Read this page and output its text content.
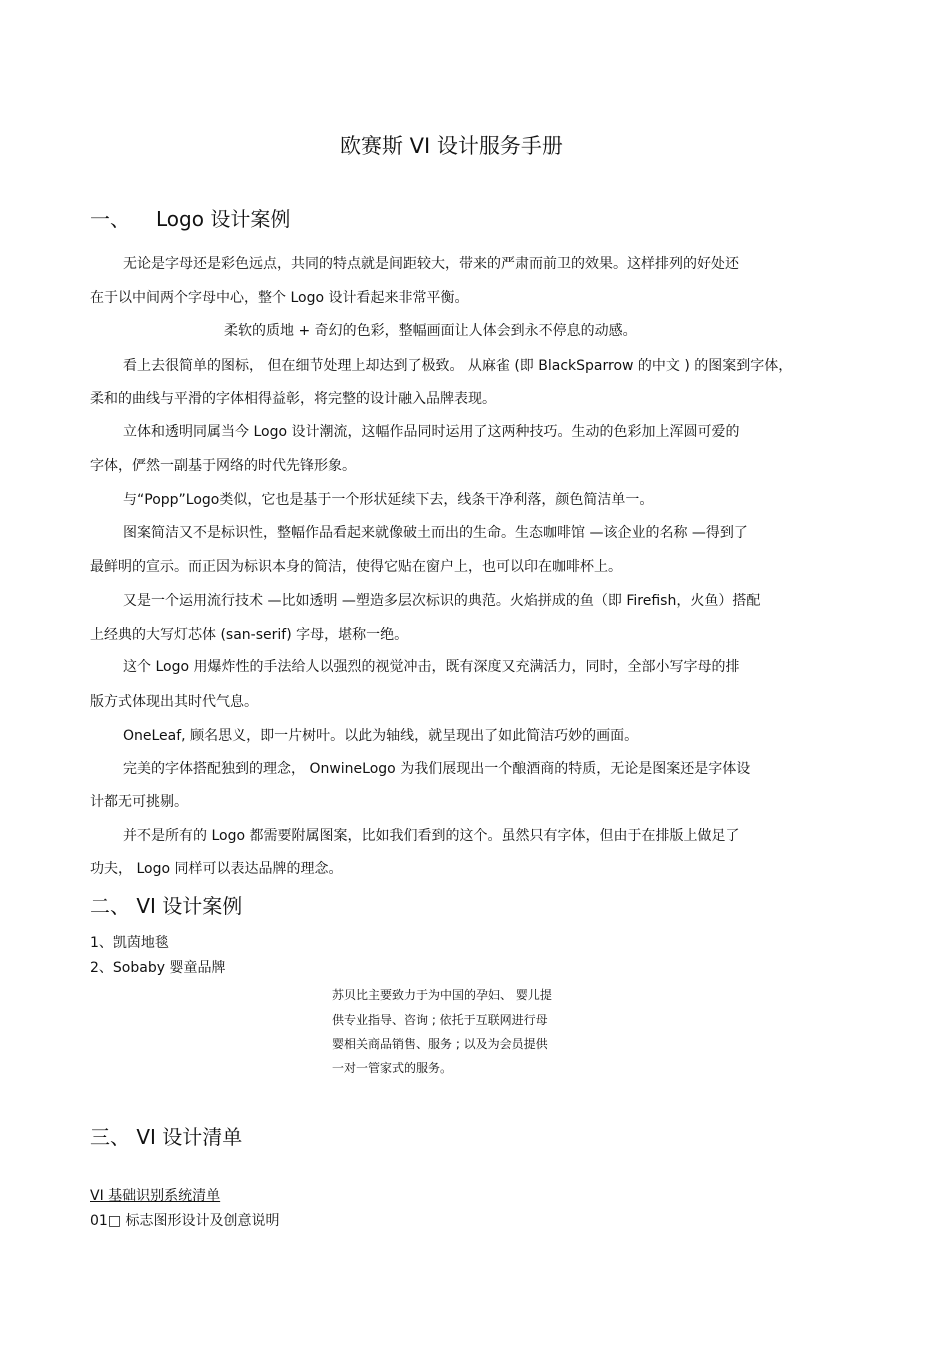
欧赛斯 VI 设计服务手册
一、 Logo 设计案例
无论是字母还是彩色远点，共同的特点就是间距较大，带来的严肃而前卫的效果。这样排列的好处还
在于以中间两个字母中心，整个 Logo 设计看起来非常平衡。
柔软的质地 + 奇幻的色彩，整幅画面让人体会到永不停息的动感。
看上去很简单的图标， 但在细节处理上却达到了极致。 从麻雀 (即 BlackSparrow 的中文 ) 的图案到字体，
柔和的曲线与平滑的字体相得益彰，将完整的设计融入品牌表现。
立体和透明同属当今 Logo 设计潮流，这幅作品同时运用了这两种技巧。生动的色彩加上浑圆可爱的
字体，俨然一副基于网络的时代先锋形象。
与“Popp”Logo类似，它也是基于一个形状延续下去，线条干净利落，颜色简洁单一。
图案简洁又不是标识性，整幅作品看起来就像破土而出的生命。生态咖啡馆 —该企业的名称 —得到了
最鲜明的宣示。而正因为标识本身的简洁，使得它贴在窗户上，也可以印在咖啡杯上。
又是一个运用流行技术 —比如透明 —塑造多层次标识的典范。火焰拼成的鱼（即 Firefish，火鱼）搭配
上经典的大写灯芯体 (san-serif) 字母，堪称一绝。
这个 Logo 用爆炸性的手法给人以强烈的视觉冲击，既有深度又充满活力，同时，全部小写字母的排
版方式体现出其时代气息。
OneLeaf, 顾名思义，即一片树叶。以此为轴线，就呈现出了如此简洁巧妙的画面。
完美的字体搭配独到的理念， OnwineLogo 为我们展现出一个酿酒商的特质，无论是图案还是字体设
计都无可挑剔。
并不是所有的 Logo 都需要附属图案，比如我们看到的这个。虽然只有字体，但由于在排版上做足了
功夫， Logo 同样可以表达品牌的理念。
二、 VI 设计案例
1、凯茵地毯
2、Sobaby 婴童品牌
苏贝比主要致力于为中国的孕妇、 婴儿提
供专业指导、咨询 ; 依托于互联网进行母
婴相关商品销售、服务 ; 以及为会员提供
一对一管家式的服务。
三、 VI 设计清单
VI 基础识别系统清单
01□ 标志图形设计及创意说明
